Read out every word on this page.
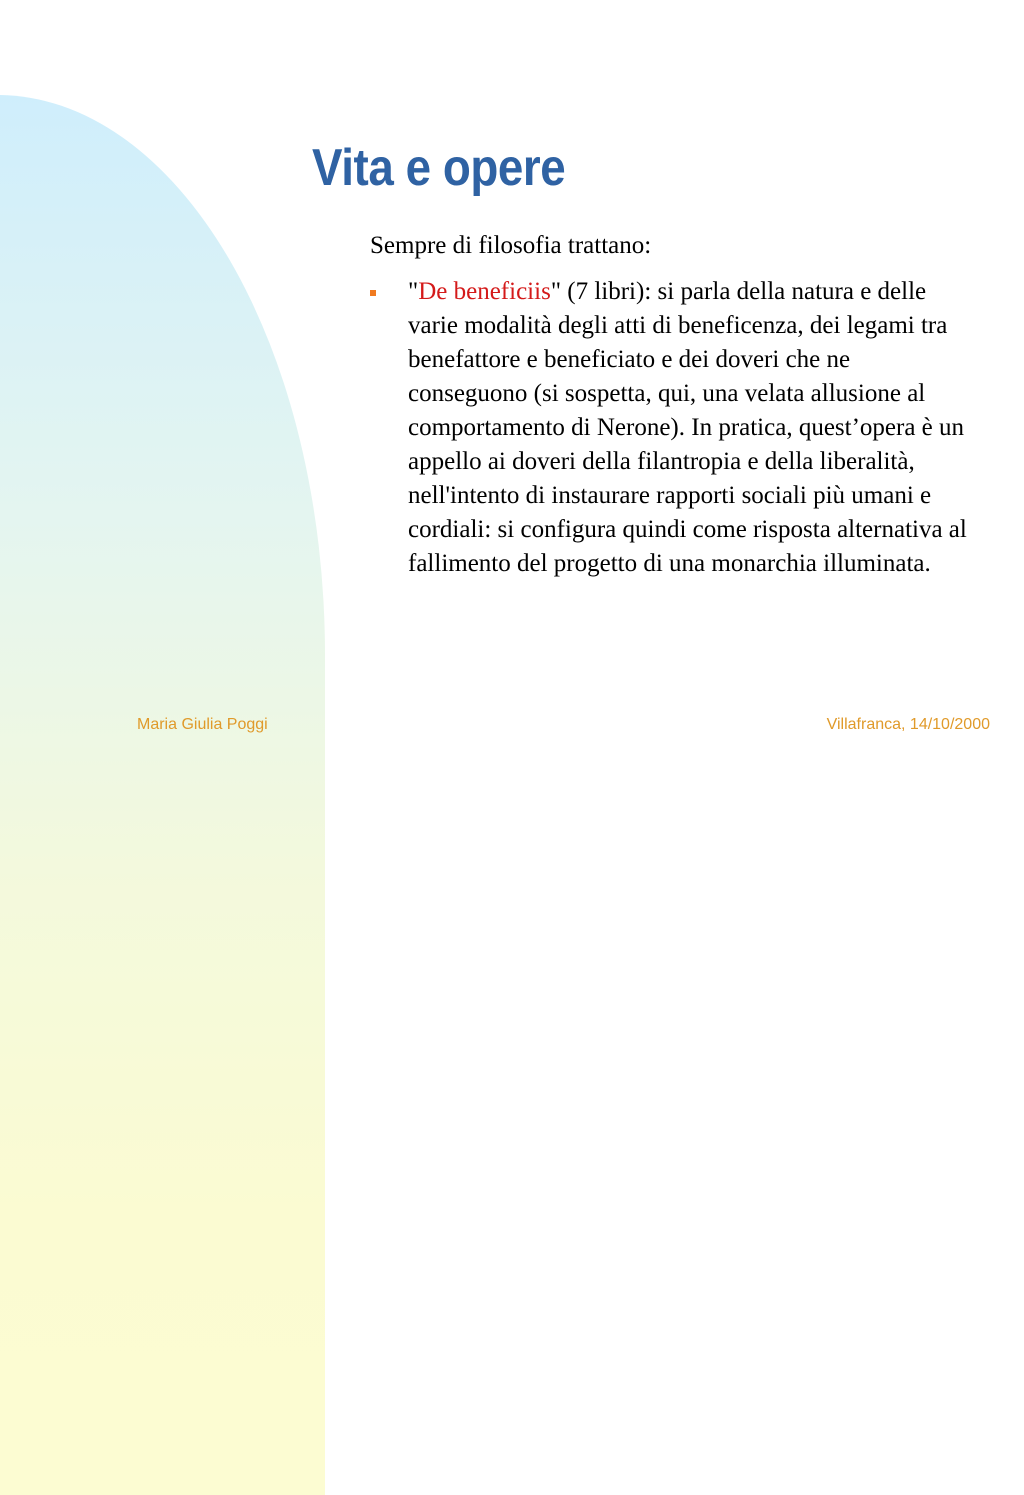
Vita e opere

Sempre di filosofia trattano:

"De beneficiis" (7 libri): si parla della natura e delle varie modalità degli atti di beneficenza, dei legami tra benefattore e beneficiato e dei doveri che ne conseguono (si sospetta, qui, una velata allusione al comportamento di Nerone). In pratica, quest’opera è un appello ai doveri della filantropia e della liberalità, nell'intento di instaurare rapporti sociali più umani e cordiali: si configura quindi come risposta alternativa al fallimento del progetto di una monarchia illuminata.
Maria Giulia Poggi	Villafranca, 14/10/2000
